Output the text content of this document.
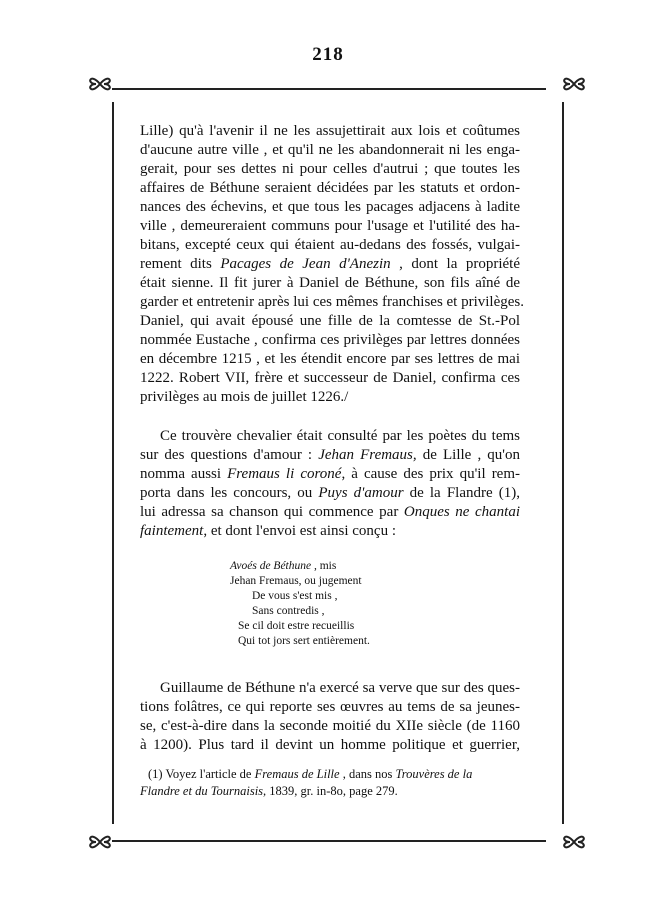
218

Lille) qu'à l'avenir il ne les assujettirait aux lois et coûtumes
d'aucune autre ville , et qu'il ne les abandonnerait ni les enga-
gerait, pour ses dettes ni pour celles d'autrui ; que toutes les
affaires de Béthune seraient décidées par les statuts et ordon-
nances des échevins, et que tous les pacages adjacens à ladite
ville , demeureraient communs pour l'usage et l'utilité des ha-
bitans, excepté ceux qui étaient au-dedans des fossés, vulgai-
rement dits Pacages de Jean d'Anezin , dont la propriété
était sienne. Il fit jurer à Daniel de Béthune, son fils aîné de
garder et entretenir après lui ces mêmes franchises et privilèges.
Daniel, qui avait épousé une fille de la comtesse de St.-Pol
nommée Eustache , confirma ces privilèges par lettres données
en décembre 1215 , et les étendit encore par ses lettres de mai
1222. Robert VII, frère et successeur de Daniel, confirma ces
privilèges au mois de juillet 1226./

Ce trouvère chevalier était consulté par les poètes du tems
sur des questions d'amour : Jehan Fremaus, de Lille , qu'on
nomma aussi Fremaus li coroné, à cause des prix qu'il rem-
porta dans les concours, ou Puys d'amour de la Flandre (1),
lui adressa sa chanson qui commence par Onques ne chantai
faintement, et dont l'envoi est ainsi conçu :

Avoés de Béthune , mis
Jehan Fremaus, ou jugement
De vous s'est mis ,
Sans contredis ,
Se cil doit estre recueillis
Qui tot jors sert entièrement.

Guillaume de Béthune n'a exercé sa verve que sur des ques-
tions folâtres, ce qui reporte ses œuvres au tems de sa jeunes-
se, c'est-à-dire dans la seconde moitié du XIIe siècle (de 1160
à 1200). Plus tard il devint un homme politique et guerrier,

(1) Voyez l'article de Fremaus de Lille , dans nos Trouvères de la
Flandre et du Tournaisis, 1839, gr. in-8o, page 279.
